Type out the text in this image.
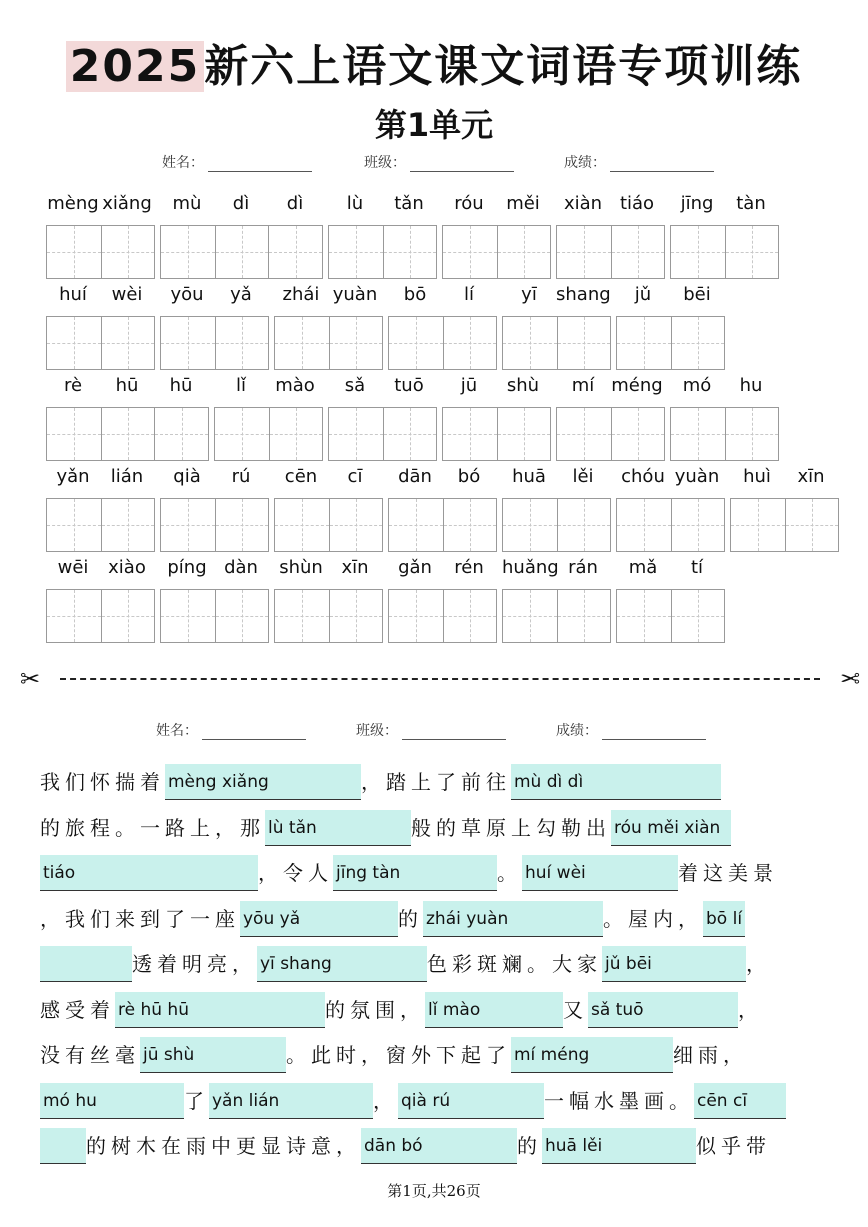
2025新六上语文课文词语专项训练
第1单元
姓名：	班级：	成绩：
mèng xiǎng	mù	dì	dì	lù	tǎn	róu	měi	xiàn tiáo	jīng	tàn
huí	wèi	yōu	yǎ	zhái yuàn	bō	lí	yī	shang	jǔ	bēi
rè	hū	hū	lǐ	mào	sǎ	tuō	jū	shù	mí méng	mó	hu
yǎn	lián	qià	rú	cēn	cī	dān	bó	huā	lěi	chóu yuàn	huì	xīn
wēi	xiào	píng dàn	shùn	xīn	gǎn	rén	huǎng rán	mǎ	tí
✂	✂
姓名：	班级：	成绩：
我们怀揣着 mèng xiǎng	，踏上了前往 mù dì dì
的旅程。一路上，那 lù tǎn	般的草原上勾勒出 róu měi xiàn
tiáo	，令人 jīng tàn	。 huí wèi	着这美景
，我们来到了一座 yōu yǎ	的 zhái yuàn	。屋内， bō lí
透着明亮， yī shang	色彩斑斓。大家 jǔ bēi	，
感受着 rè hū hū	的氛围， lǐ mào	又 sǎ tuō	，
没有丝毫 jū shù	。此时，窗外下起了 mí méng	细雨，
mó hu	了 yǎn lián	， qià rú	一幅水墨画。 cēn cī
的树木在雨中更显诗意， dān bó	的 huā lěi	似乎带
第1页,共26页
